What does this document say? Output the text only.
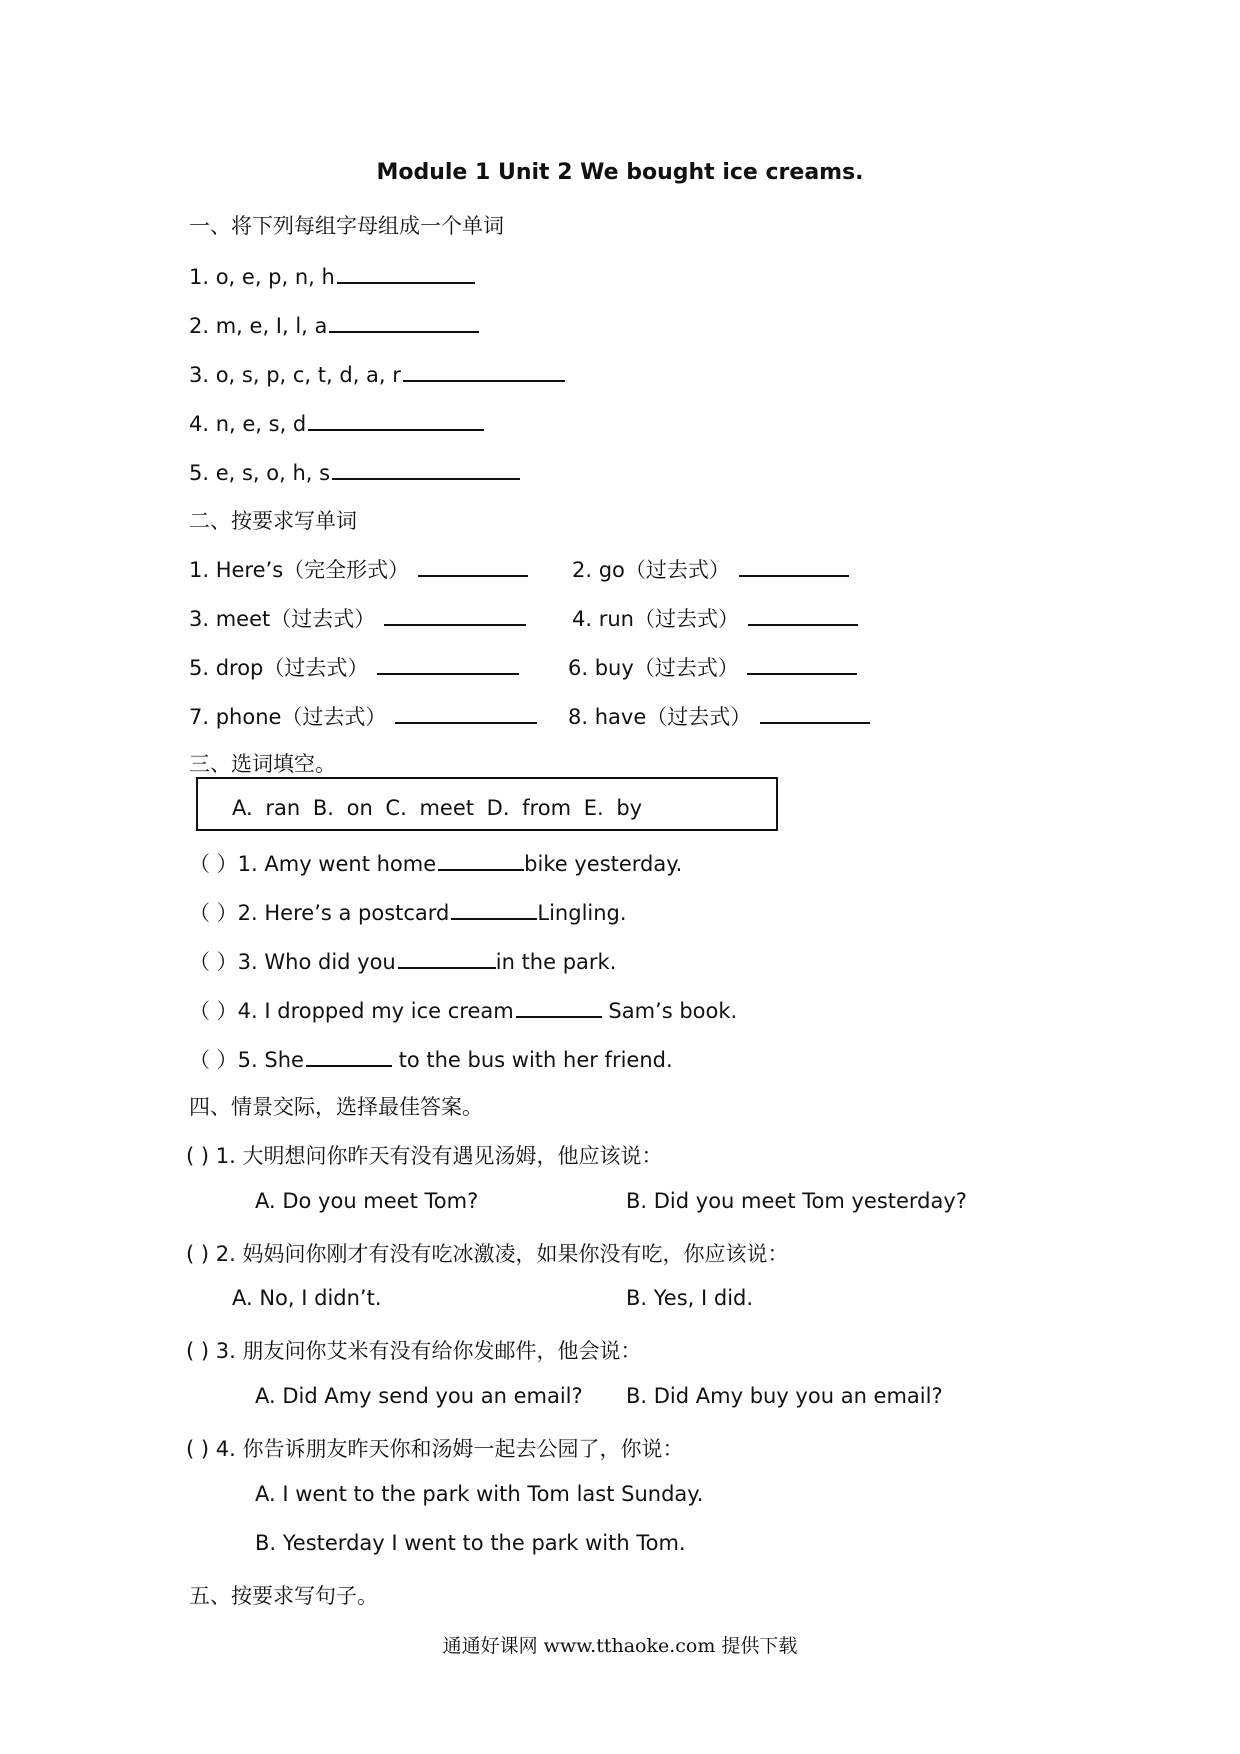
Module 1 Unit 2 We bought ice creams.
一、将下列每组字母组成一个单词
1. o, e, p, n, h
2. m, e, I, l, a
3. o, s, p, c, t, d, a, r
4. n, e, s, d
5. e, s, o, h, s
二、按要求写单词
1. Here’s（完全形式）	2. go（过去式）
3. meet（过去式）	4. run（过去式）
5. drop（过去式）	6. buy（过去式）
7. phone（过去式）	8. have（过去式）
三、选词填空。
A. ran B. on C. meet D. from E. by
（ ）1. Amy went home	bike yesterday.
（ ）2. Here’s a postcard	Lingling.
（ ）3. Who did you	in the park.
（ ）4. I dropped my ice cream	Sam’s book.
（ ）5. She	to the bus with her friend.
四、情景交际，选择最佳答案。
( ) 1. 大明想问你昨天有没有遇见汤姆，他应该说：
A. Do you meet Tom?	B. Did you meet Tom yesterday?
( ) 2. 妈妈问你刚才有没有吃冰激凌，如果你没有吃，你应该说：
A. No, I didn’t.	B. Yes, I did.
( ) 3. 朋友问你艾米有没有给你发邮件，他会说：
A. Did Amy send you an email? B. Did Amy buy you an email?
( ) 4. 你告诉朋友昨天你和汤姆一起去公园了，你说：
A. I went to the park with Tom last Sunday.
B. Yesterday I went to the park with Tom.
五、按要求写句子。
通通好课网 www.tthaoke.com 提供下载
